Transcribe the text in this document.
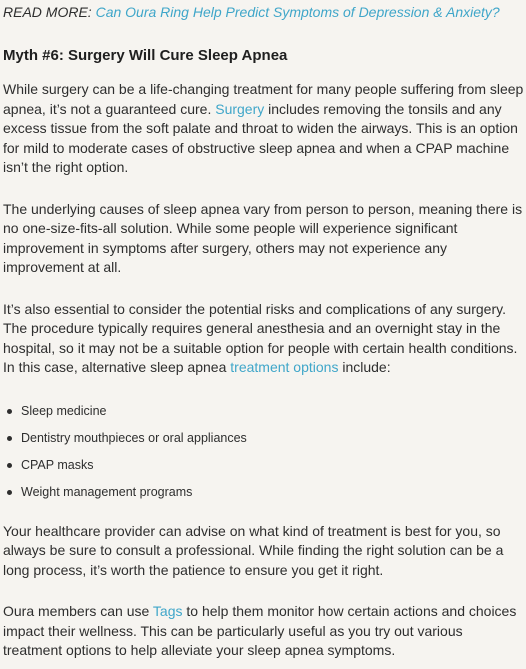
READ MORE: Can Oura Ring Help Predict Symptoms of Depression & Anxiety?

Myth #6: Surgery Will Cure Sleep Apnea

While surgery can be a life-changing treatment for many people suffering from sleep apnea, it’s not a guaranteed cure. Surgery includes removing the tonsils and any excess tissue from the soft palate and throat to widen the airways. This is an option for mild to moderate cases of obstructive sleep apnea and when a CPAP machine isn’t the right option.

The underlying causes of sleep apnea vary from person to person, meaning there is no one-size-fits-all solution. While some people will experience significant improvement in symptoms after surgery, others may not experience any improvement at all.

It’s also essential to consider the potential risks and complications of any surgery. The procedure typically requires general anesthesia and an overnight stay in the hospital, so it may not be a suitable option for people with certain health conditions. In this case, alternative sleep apnea treatment options include:

Sleep medicine
Dentistry mouthpieces or oral appliances
CPAP masks
Weight management programs

Your healthcare provider can advise on what kind of treatment is best for you, so always be sure to consult a professional. While finding the right solution can be a long process, it’s worth the patience to ensure you get it right.

Oura members can use Tags to help them monitor how certain actions and choices impact their wellness. This can be particularly useful as you try out various treatment options to help alleviate your sleep apnea symptoms.
